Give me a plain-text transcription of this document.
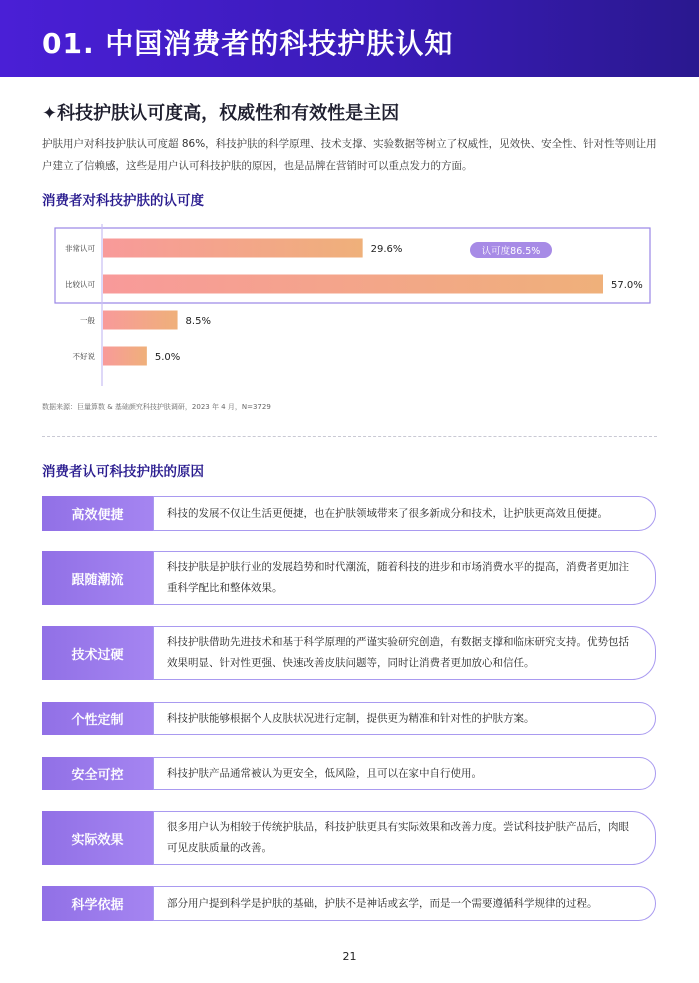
01. 中国消费者的科技护肤认知
✦科技护肤认可度高，权威性和有效性是主因
护肤用户对科技护肤认可度超 86%，科技护肤的科学原理、技术支撑、实验数据等树立了权威性，见效快、安全性、针对性等则让用户建立了信赖感，这些是用户认可科技护肤的原因，也是品牌在营销时可以重点发力的方面。
消费者对科技护肤的认可度
非常认可	29.6%
比较认可	57.0%
一般	8.5%
不好说	5.0%
认可度86.5%
数据来源：巨量算数 & 基础颜究科技护肤调研，2023 年 4 月，N=3729
消费者认可科技护肤的原因
高效便捷	科技的发展不仅让生活更便捷，也在护肤领域带来了很多新成分和技术，让护肤更高效且便捷。
跟随潮流
科技护肤是护肤行业的发展趋势和时代潮流，随着科技的进步和市场消费水平的提高，消费者更加注重科学配比和整体效果。
技术过硬
科技护肤借助先进技术和基于科学原理的严谨实验研究创造，有数据支撑和临床研究支持。优势包括效果明显、针对性更强、快速改善皮肤问题等，同时让消费者更加放心和信任。
个性定制	科技护肤能够根据个人皮肤状况进行定制，提供更为精准和针对性的护肤方案。
安全可控	科技护肤产品通常被认为更安全，低风险，且可以在家中自行使用。
实际效果
很多用户认为相较于传统护肤品，科技护肤更具有实际效果和改善力度。尝试科技护肤产品后，肉眼可见皮肤质量的改善。
科学依据	部分用户提到科学是护肤的基础，护肤不是神话或玄学，而是一个需要遵循科学规律的过程。
21
